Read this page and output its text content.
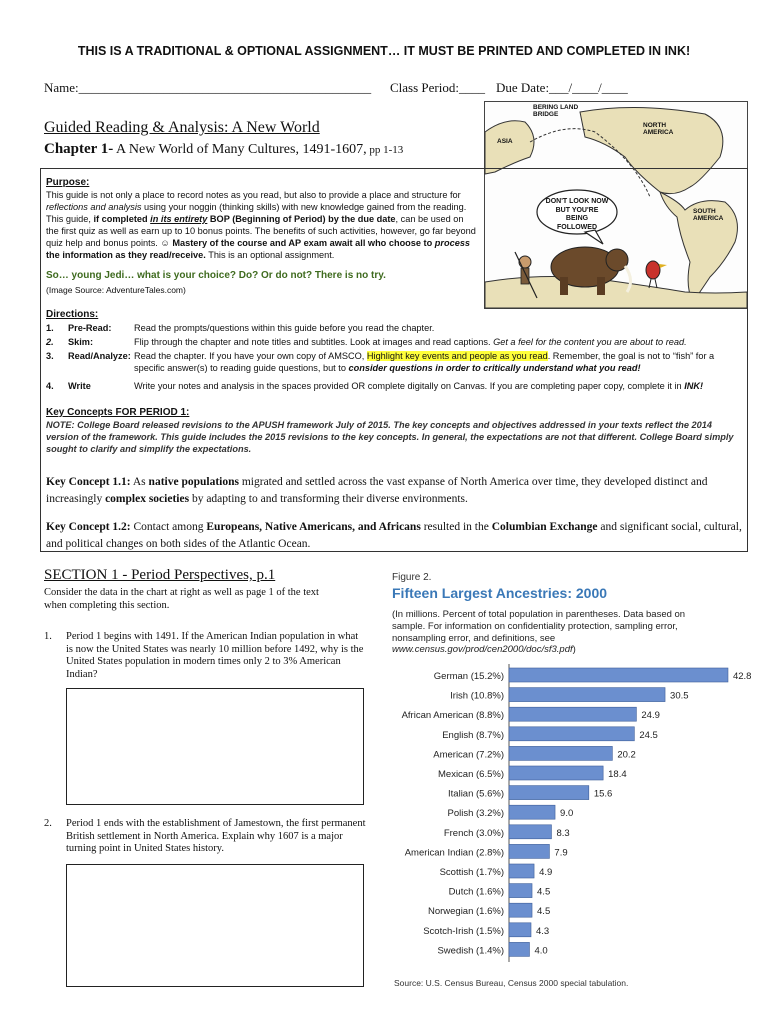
THIS IS A TRADITIONAL & OPTIONAL ASSIGNMENT… IT MUST BE PRINTED AND COMPLETED IN INK!
Name:_____________________________________________ Class Period:____ Due Date:___/____/____
Guided Reading & Analysis: A New World
Chapter 1- A New World of Many Cultures, 1491-1607, pp 1-13
BERING LAND BRIDGE
ASIA
NORTH AMERICA
SOUTH AMERICA
DON'T LOOK NOW BUT YOU'RE BEING FOLLOWED
Purpose:
This guide is not only a place to record notes as you read, but also to provide a place and structure for reflections and analysis using your noggin (thinking skills) with new knowledge gained from the reading. This guide, if completed in its entirety BOP (Beginning of Period) by the due date, can be used on the first quiz as well as earn up to 10 bonus points. The benefits of such activities, however, go far beyond quiz help and bonus points. ☺ Mastery of the course and AP exam await all who choose to process the information as they read/receive. This is an optional assignment.
So… young Jedi… what is your choice? Do? Or do not? There is no try.
(Image Source: AdventureTales.com)
Directions:
1. Pre-Read: Read the prompts/questions within this guide before you read the chapter.
2. Skim:	Flip through the chapter and note titles and subtitles. Look at images and read captions. Get a feel for the content you are about to read.
3. Read/Analyze: Read the chapter. If you have your own copy of AMSCO, Highlight key events and people as you read. Remember, the goal is not to “fish” for a specific answer(s) to reading guide questions, but to consider questions in order to critically understand what you read!
4. Write	Write your notes and analysis in the spaces provided OR complete digitally on Canvas. If you are completing paper copy, complete it in INK!
Key Concepts FOR PERIOD 1:
NOTE: College Board released revisions to the APUSH framework July of 2015. The key concepts and objectives addressed in your texts reflect the 2014 version of the framework. This guide includes the 2015 revisions to the key concepts. In general, the expectations are not that different. College Board simply sought to clarify and simplify the expectations.
Key Concept 1.1: As native populations migrated and settled across the vast expanse of North America over time, they developed distinct and increasingly complex societies by adapting to and transforming their diverse environments.
Key Concept 1.2: Contact among Europeans, Native Americans, and Africans resulted in the Columbian Exchange and significant social, cultural, and political changes on both sides of the Atlantic Ocean.
SECTION 1 - Period Perspectives, p.1
Consider the data in the chart at right as well as page 1 of the text when completing this section.
1. Period 1 begins with 1491. If the American Indian population in what is now the United States was nearly 10 million before 1492, why is the United States population in modern times only 2 to 3% American Indian?
2. Period 1 ends with the establishment of Jamestown, the first permanent British settlement in North America. Explain why 1607 is a major turning point in United States history.
Figure 2.
Fifteen Largest Ancestries: 2000
(In millions. Percent of total population in parentheses. Data based on sample. For information on confidentiality protection, sampling error, nonsampling error, and definitions, see www.census.gov/prod/cen2000/doc/sf3.pdf)
German (15.2%)	42.8
Irish (10.8%)	30.5
African American (8.8%)	24.9
English (8.7%)	24.5
American (7.2%)	20.2
Mexican (6.5%)	18.4
Italian (5.6%)	15.6
Polish (3.2%)	9.0
French (3.0%)	8.3
American Indian (2.8%)	7.9
Scottish (1.7%)	4.9
Dutch (1.6%)	4.5
Norwegian (1.6%)	4.5
Scotch-Irish (1.5%)	4.3
Swedish (1.4%)	4.0
Source: U.S. Census Bureau, Census 2000 special tabulation.
